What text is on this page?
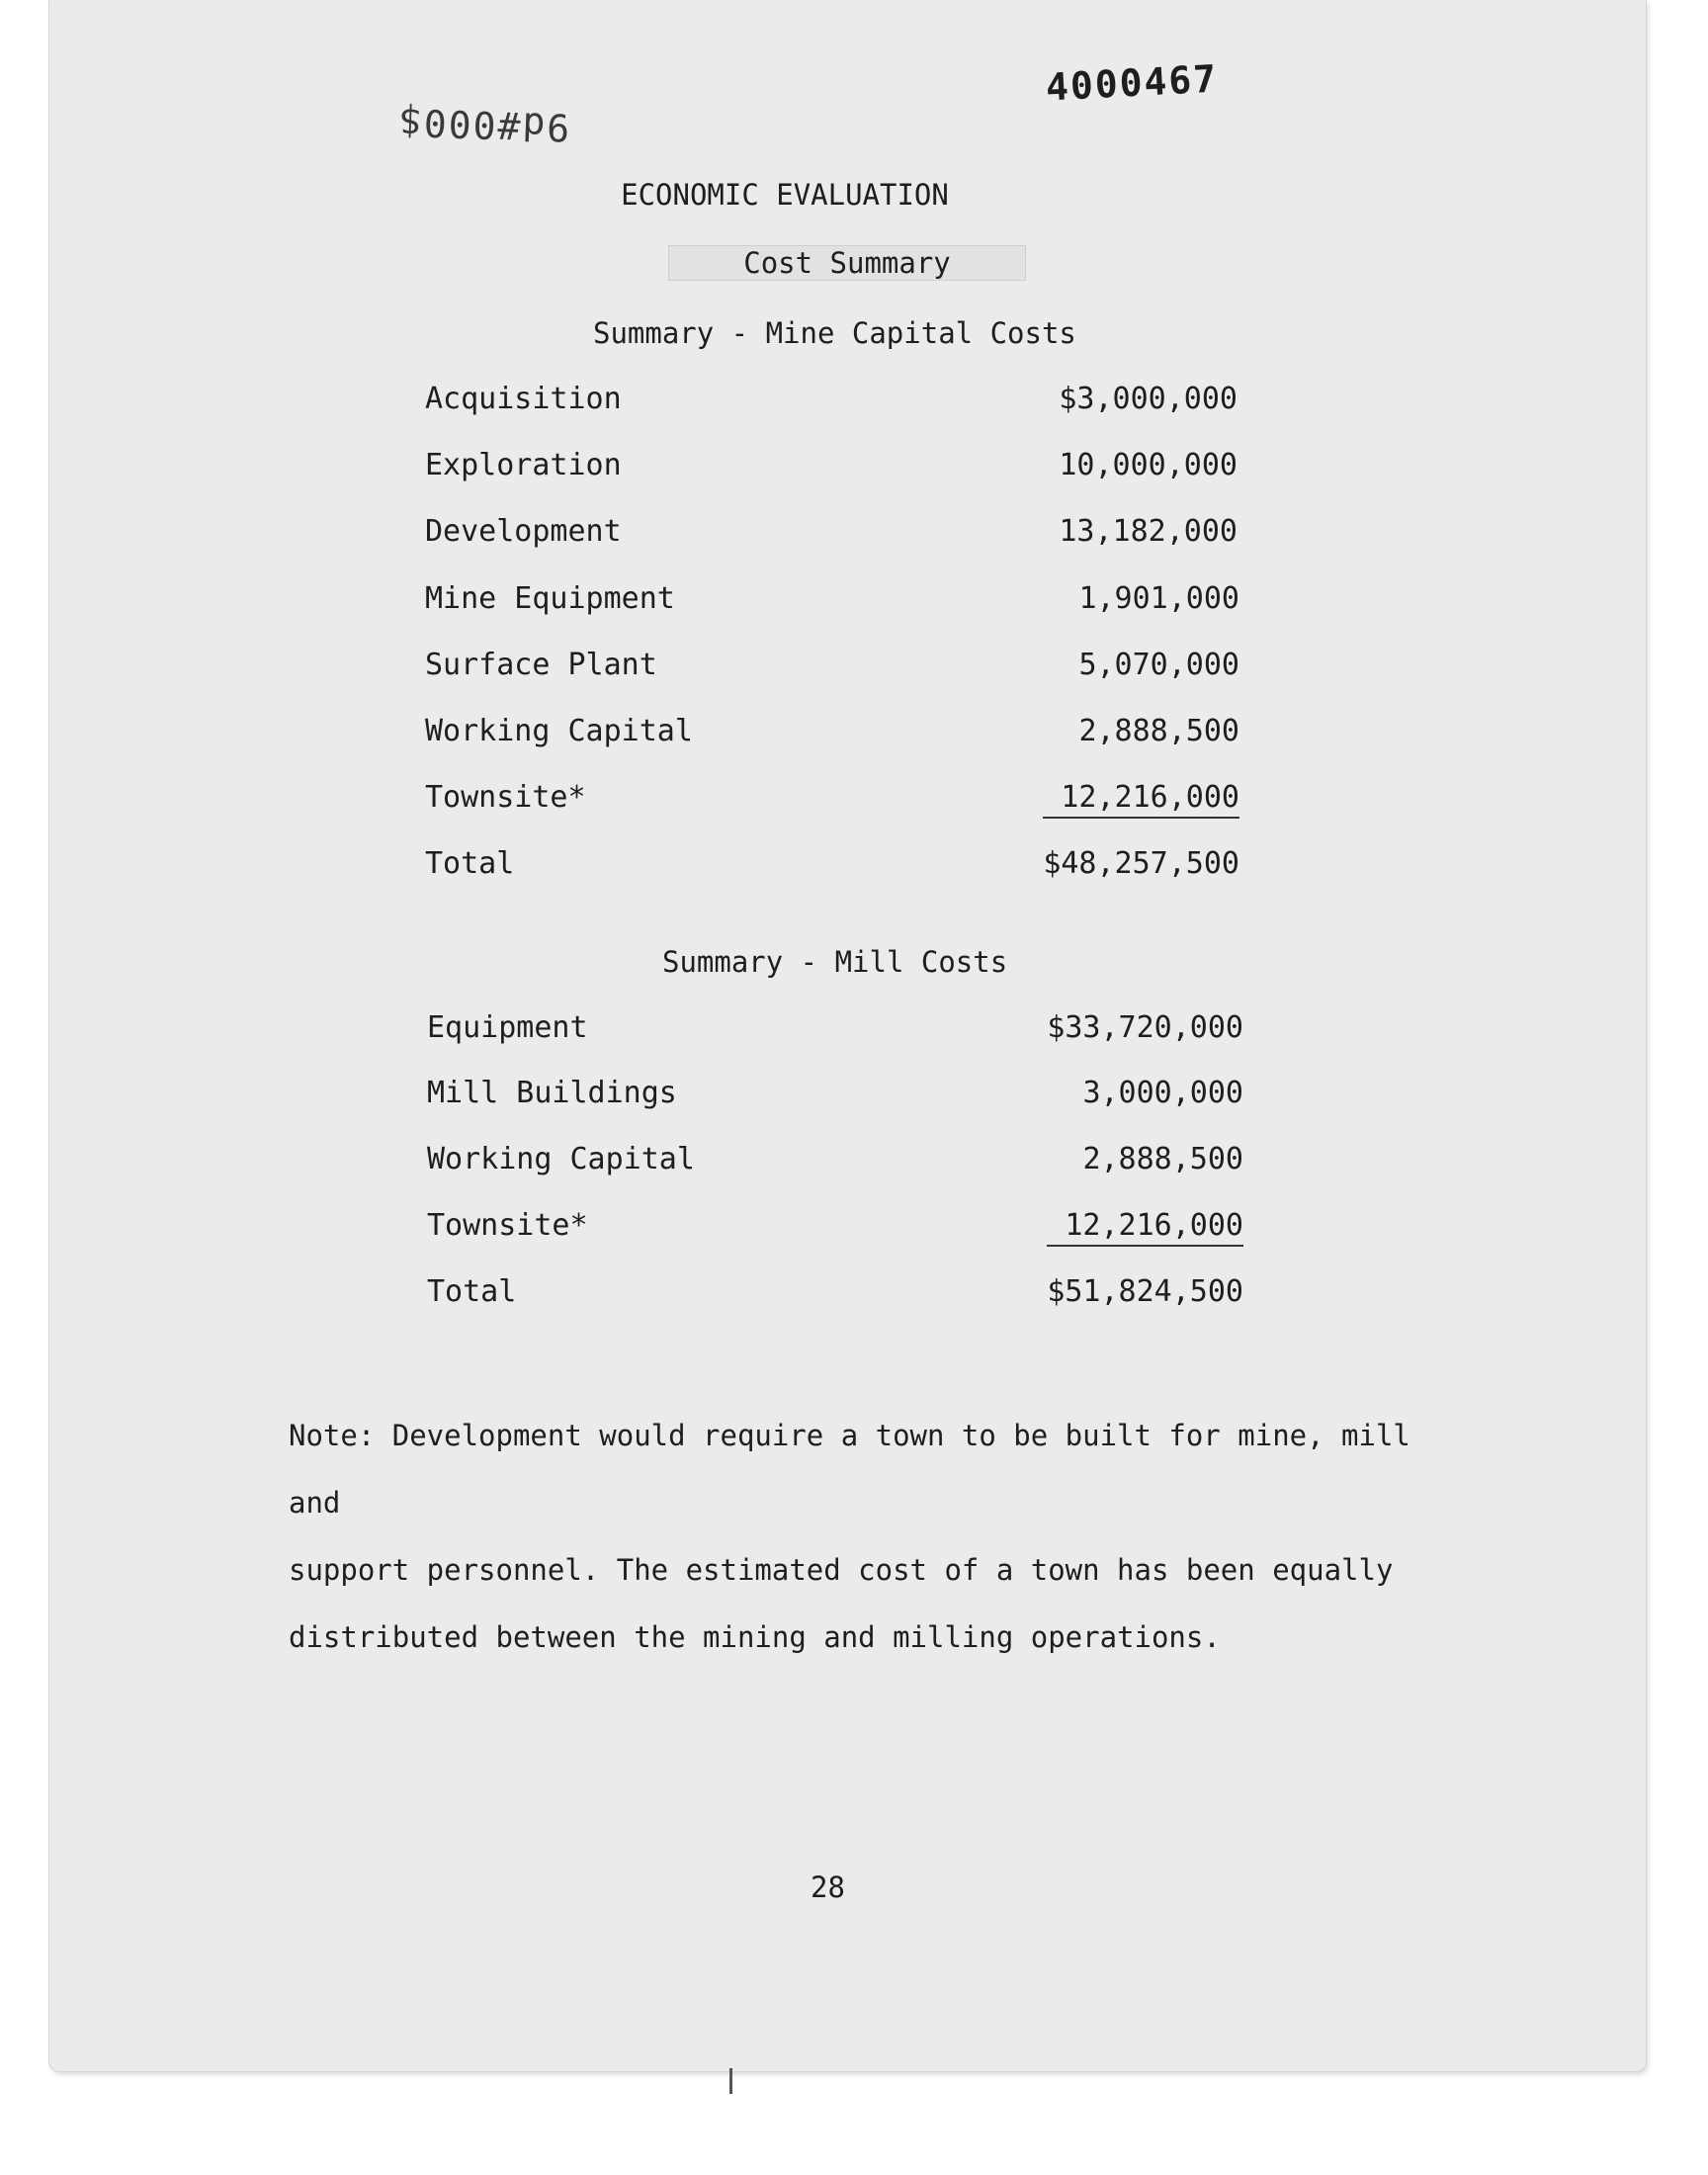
9d#000$
4000467
ECONOMIC EVALUATION
Cost Summary
Summary - Mine Capital Costs
Acquisition	$3,000,000
Exploration	10,000,000
Development	13,182,000
Mine Equipment	1,901,000
Surface Plant	5,070,000
Working Capital	2,888,500
Townsite*	12,216,000
Total	$48,257,500
Summary - Mill Costs
Equipment	$33,720,000
Mill Buildings	3,000,000
Working Capital	2,888,500
Townsite*	12,216,000
Total	$51,824,500
Note: Development would require a town to be built for mine, mill and
support personnel. The estimated cost of a town has been equally
distributed between the mining and milling operations.
28
